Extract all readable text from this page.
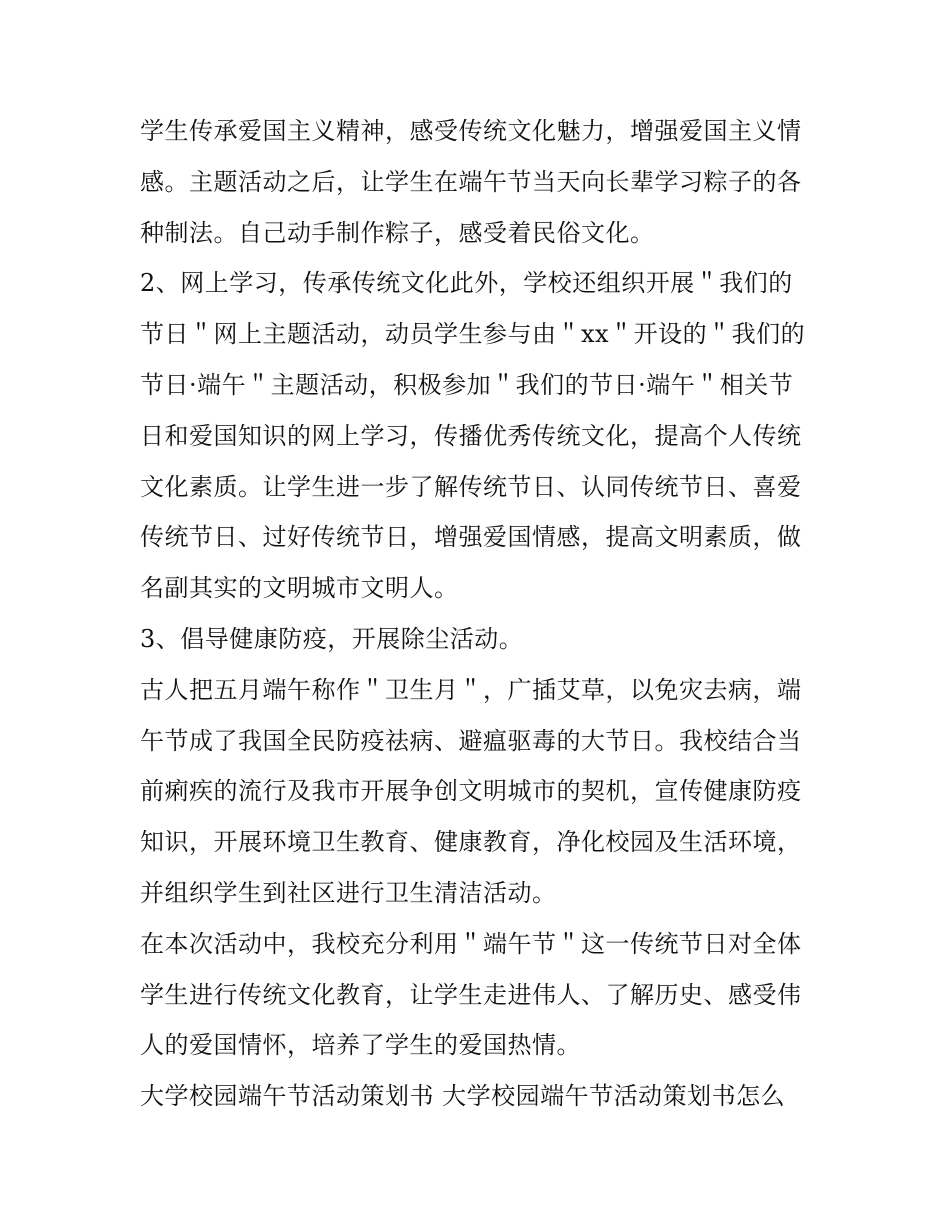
学生传承爱国主义精神，感受传统文化魅力，增强爱国主义情
感。主题活动之后，让学生在端午节当天向长辈学习粽子的各
种制法。自己动手制作粽子，感受着民俗文化。
2、网上学习，传承传统文化此外，学校还组织开展＂我们的
节日＂网上主题活动，动员学生参与由＂xx＂开设的＂我们的
节日·端午＂主题活动，积极参加＂我们的节日·端午＂相关节
日和爱国知识的网上学习，传播优秀传统文化，提高个人传统
文化素质。让学生进一步了解传统节日、认同传统节日、喜爱
传统节日、过好传统节日，增强爱国情感，提高文明素质，做
名副其实的文明城市文明人。
3、倡导健康防疫，开展除尘活动。
古人把五月端午称作＂卫生月＂，广插艾草，以免灾去病，端
午节成了我国全民防疫祛病、避瘟驱毒的大节日。我校结合当
前痢疾的流行及我市开展争创文明城市的契机，宣传健康防疫
知识，开展环境卫生教育、健康教育，净化校园及生活环境，
并组织学生到社区进行卫生清洁活动。
在本次活动中，我校充分利用＂端午节＂这一传统节日对全体
学生进行传统文化教育，让学生走进伟人、了解历史、感受伟
人的爱国情怀，培养了学生的爱国热情。
大学校园端午节活动策划书 大学校园端午节活动策划书怎么
